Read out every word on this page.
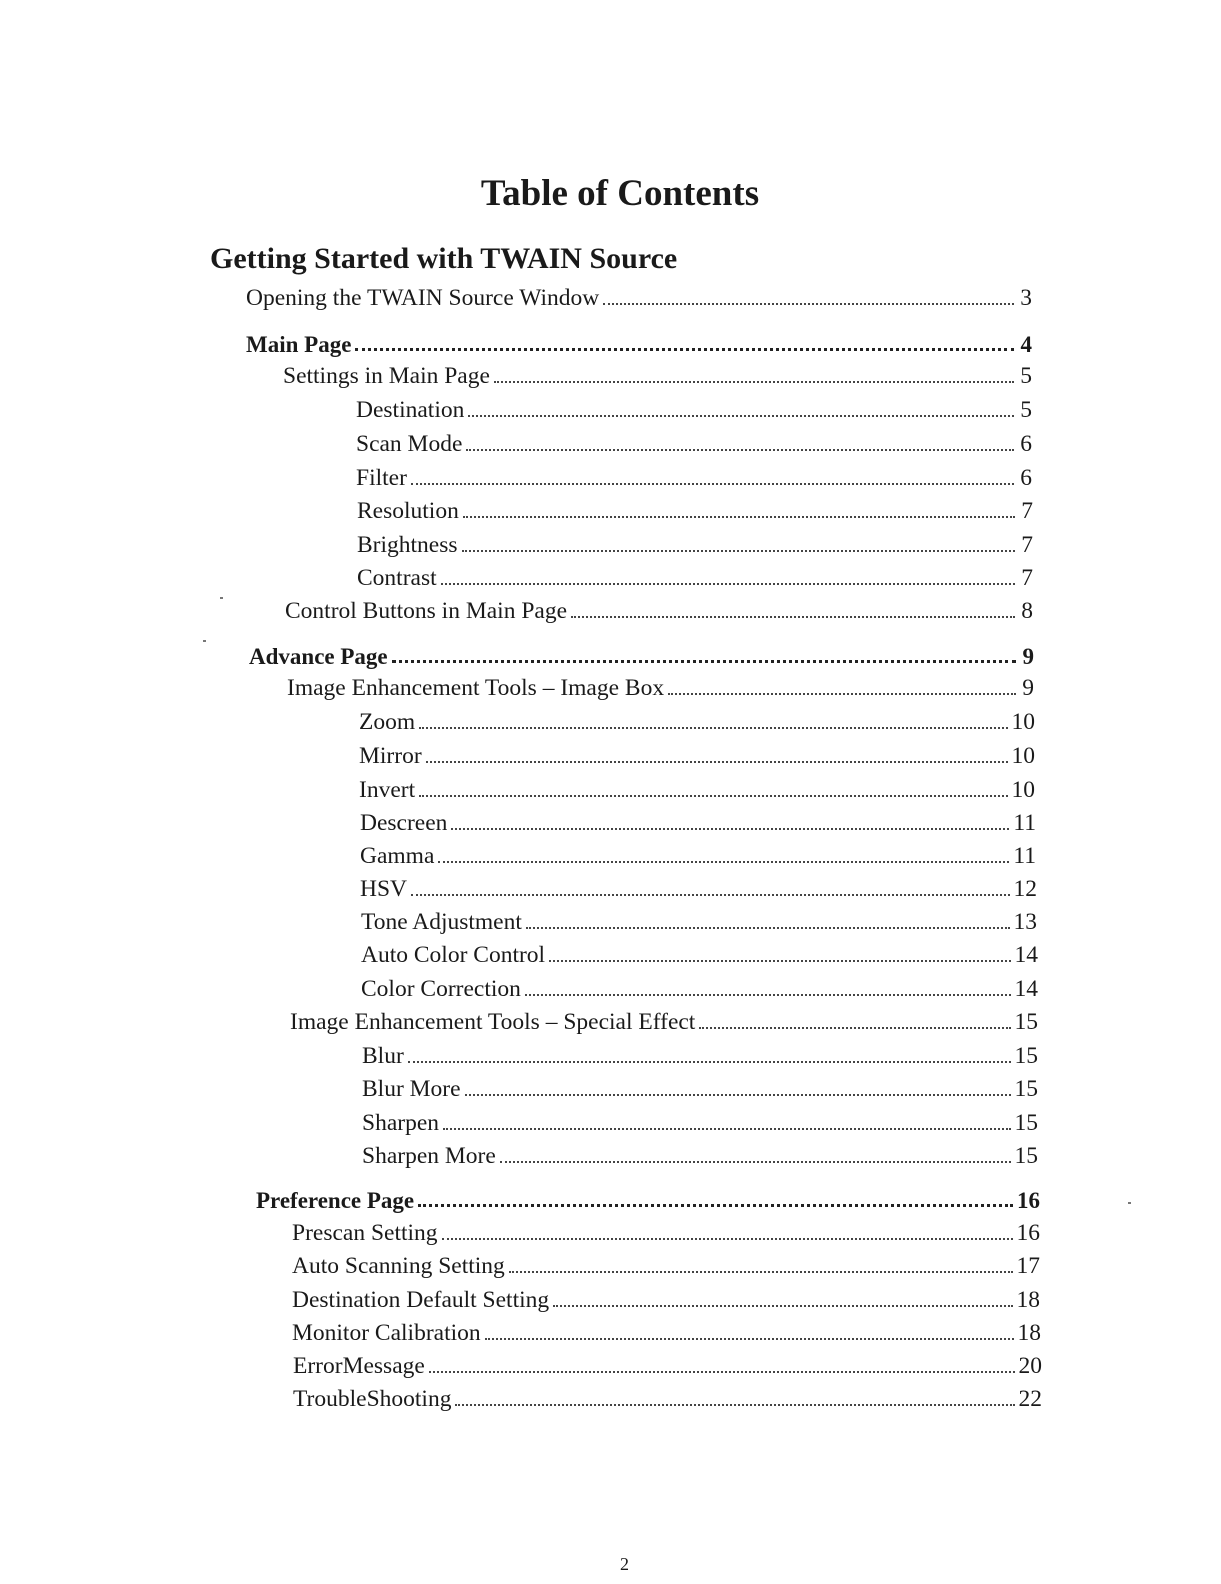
Table of Contents
Getting Started with TWAIN Source
Opening the TWAIN Source Window	3
Main Page	4
Settings in Main Page	5
Destination	5
Scan Mode	6
Filter	6
Resolution	7
Brightness	7
Contrast	7
Control Buttons in Main Page	8
Advance Page	9
Image Enhancement Tools – Image Box	9
Zoom	10
Mirror	10
Invert	10
Descreen	11
Gamma	11
HSV	12
Tone Adjustment	13
Auto Color Control	14
Color Correction	14
Image Enhancement Tools – Special Effect	15
Blur	15
Blur More	15
Sharpen	15
Sharpen More	15
Preference Page	16
Prescan Setting	16
Auto Scanning Setting	17
Destination Default Setting	18
Monitor Calibration	18
ErrorMessage	20
TroubleShooting	22
2
